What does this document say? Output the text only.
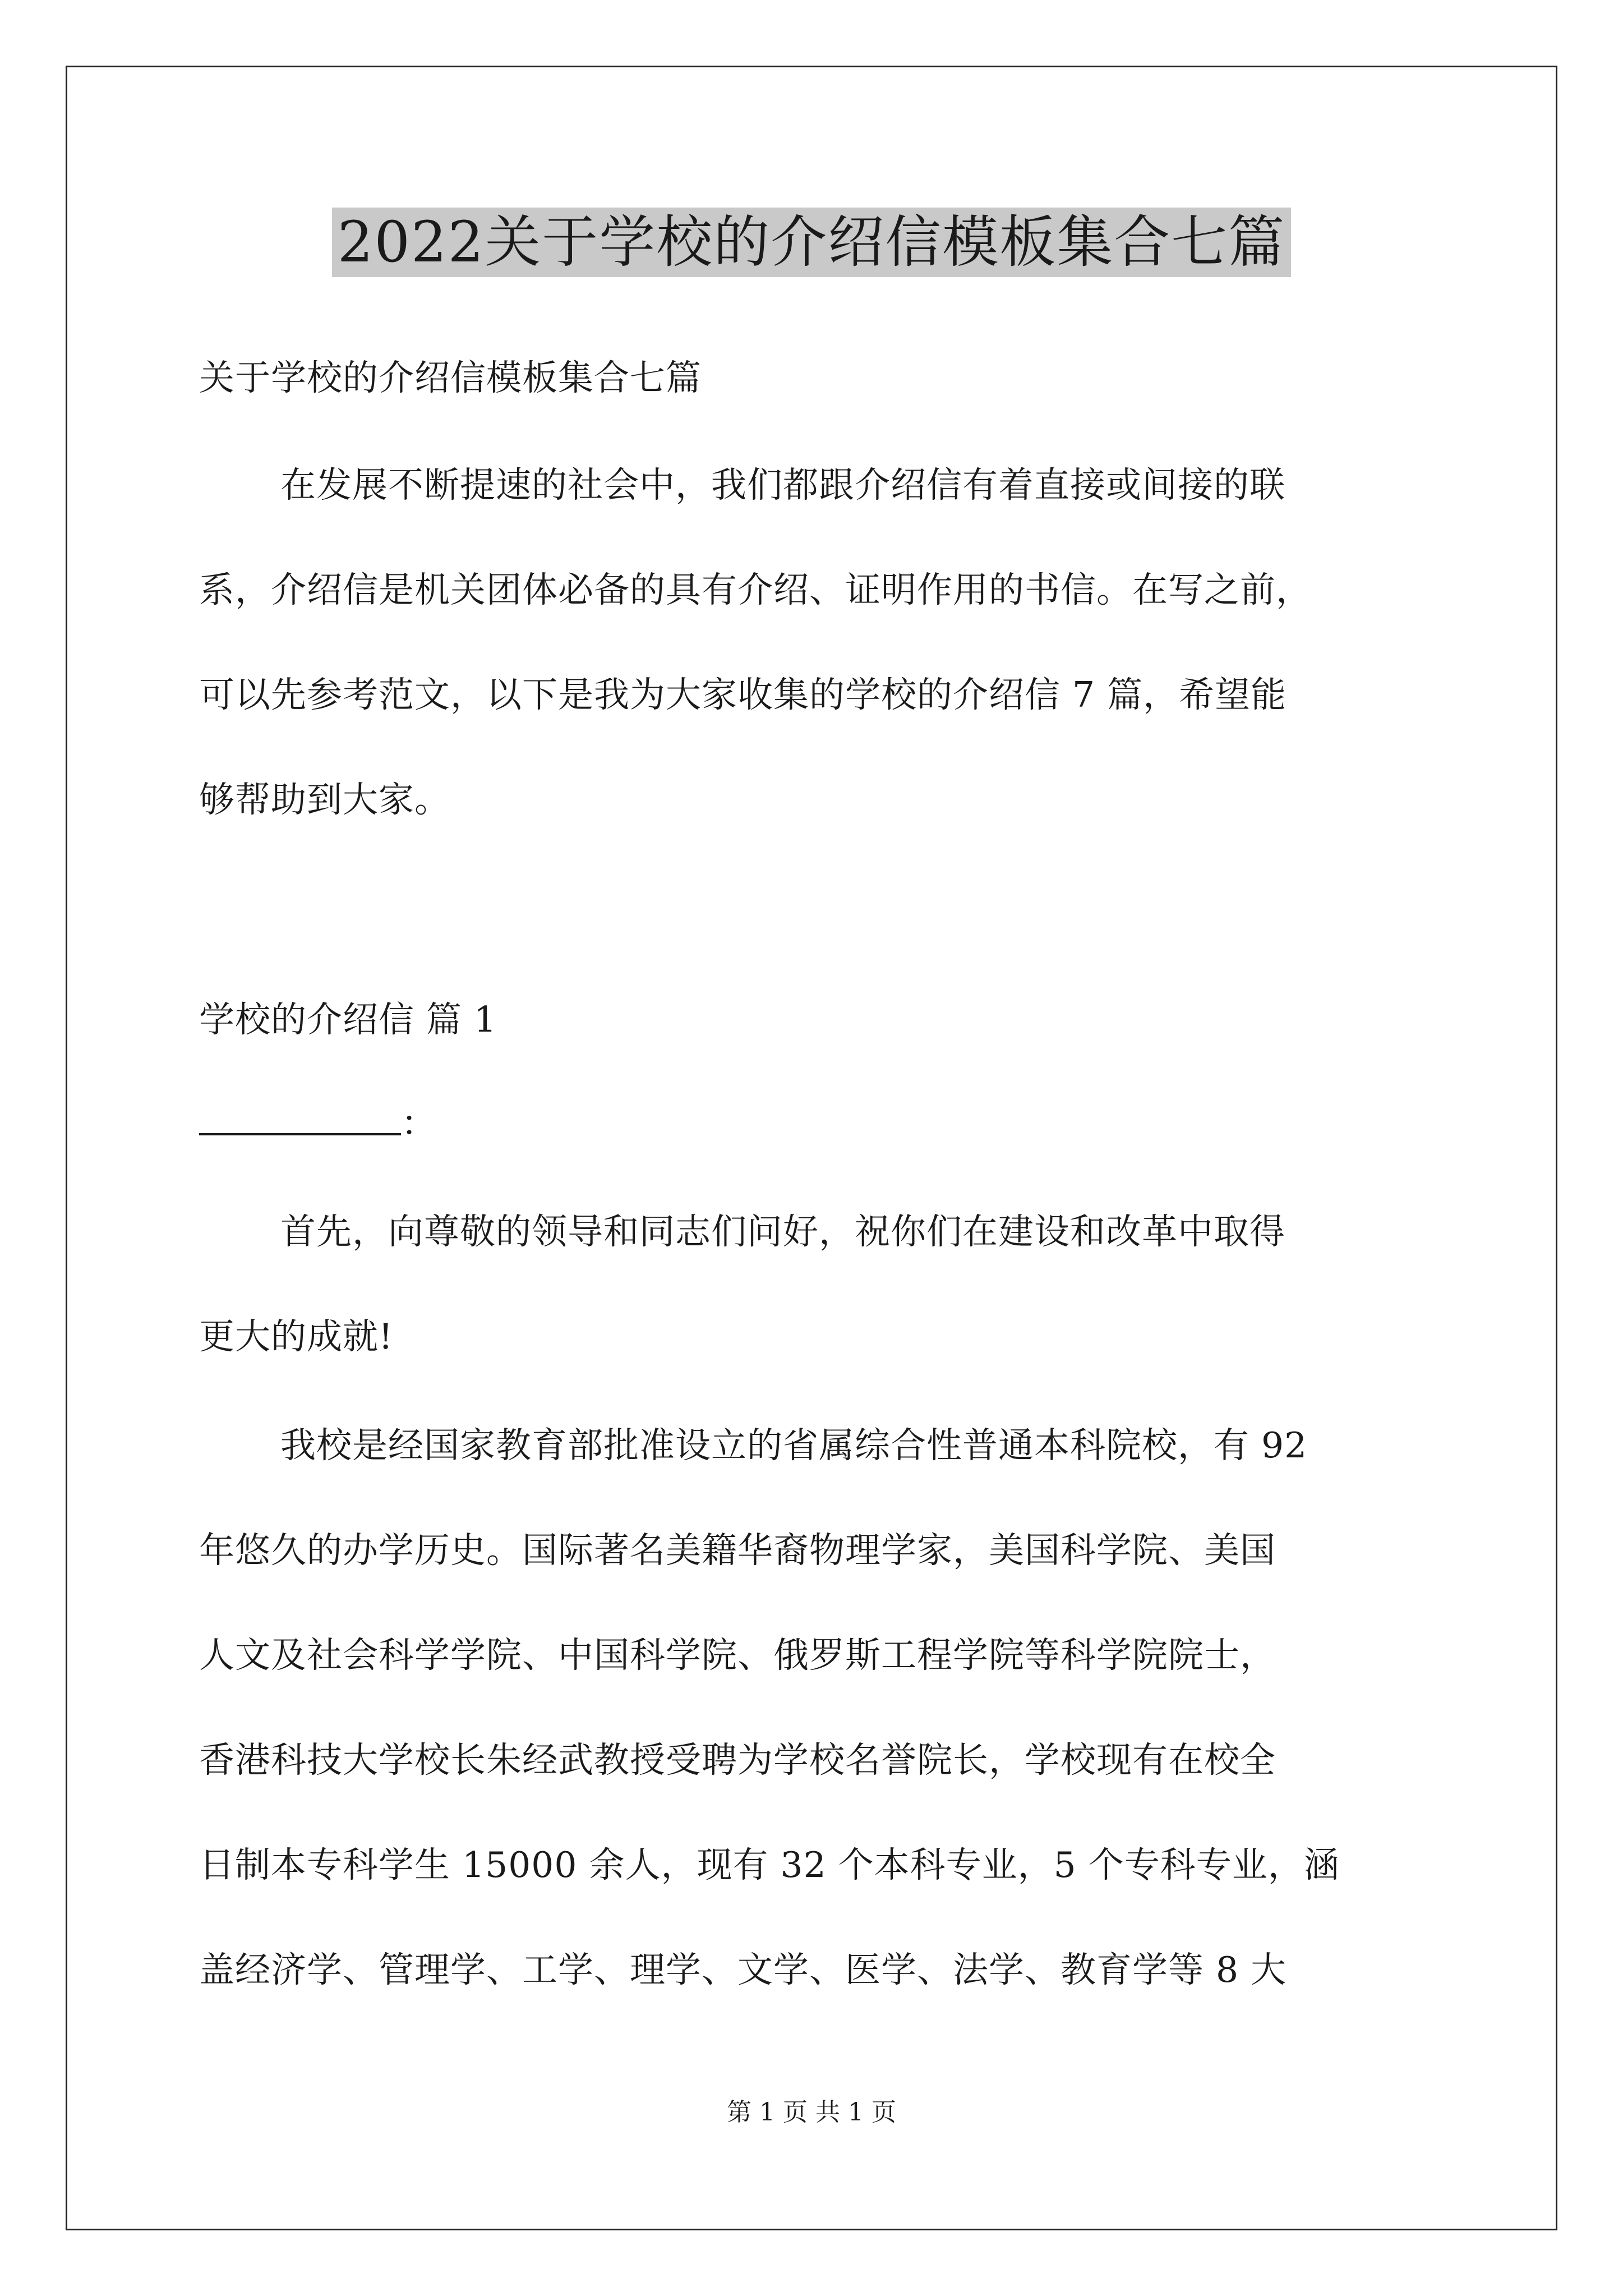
2022关于学校的介绍信模板集合七篇
关于学校的介绍信模板集合七篇
在发展不断提速的社会中，我们都跟介绍信有着直接或间接的联
系，介绍信是机关团体必备的具有介绍、证明作用的书信。在写之前，
可以先参考范文，以下是我为大家收集的学校的介绍信 7 篇，希望能
够帮助到大家。
学校的介绍信 篇 1
：
首先，向尊敬的领导和同志们问好，祝你们在建设和改革中取得
更大的成就!
我校是经国家教育部批准设立的省属综合性普通本科院校，有 92
年悠久的办学历史。国际著名美籍华裔物理学家，美国科学院、美国
人文及社会科学学院、中国科学院、俄罗斯工程学院等科学院院士，
香港科技大学校长朱经武教授受聘为学校名誉院长，学校现有在校全
日制本专科学生 15000 余人，现有 32 个本科专业，5 个专科专业，涵
盖经济学、管理学、工学、理学、文学、医学、法学、教育学等 8 大
第 1 页 共 1 页
